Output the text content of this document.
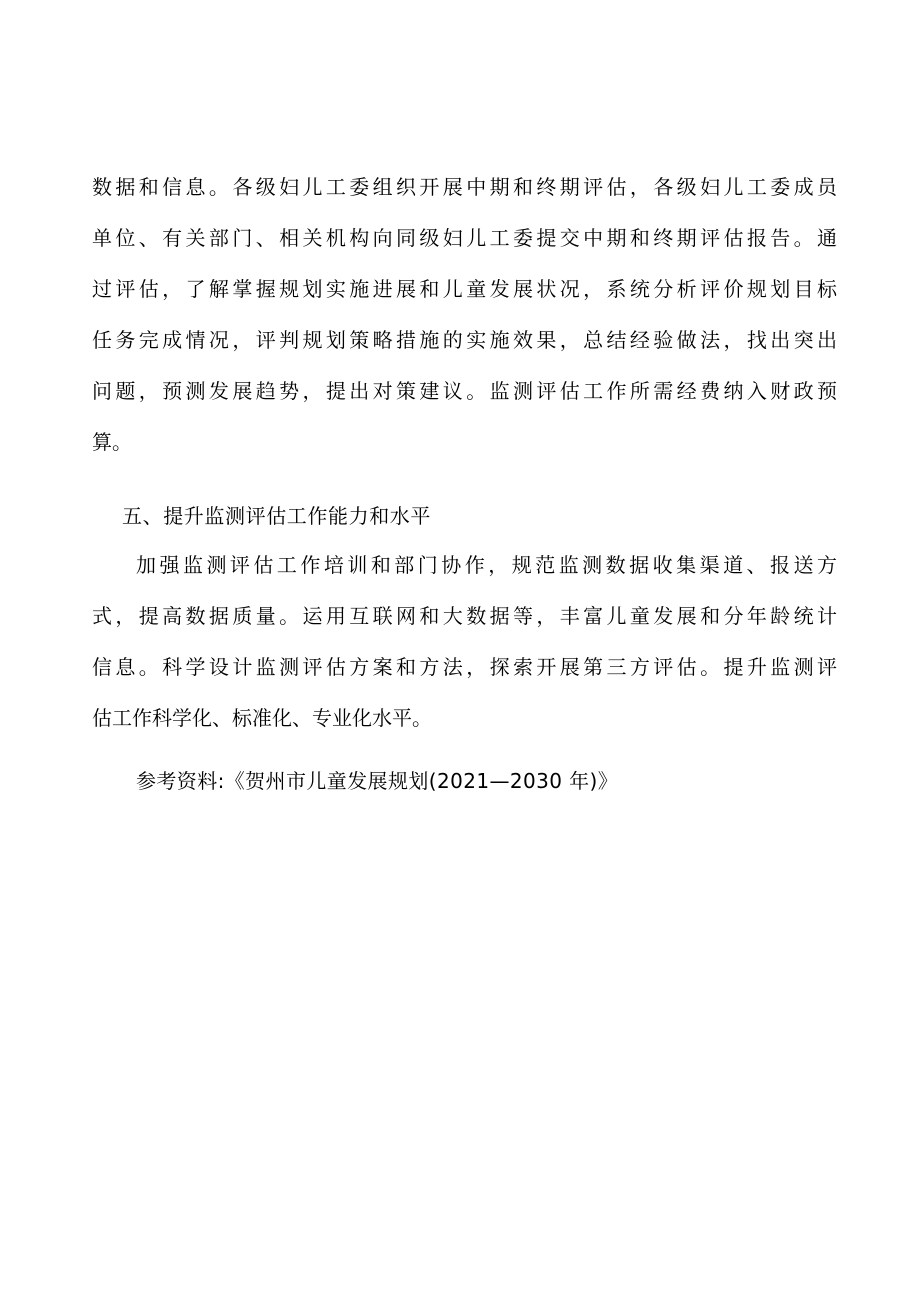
数据和信息。各级妇儿工委组织开展中期和终期评估，各级妇儿工委成员
单位、有关部门、相关机构向同级妇儿工委提交中期和终期评估报告。通
过评估，了解掌握规划实施进展和儿童发展状况，系统分析评价规划目标
任务完成情况，评判规划策略措施的实施效果，总结经验做法，找出突出
问题，预测发展趋势，提出对策建议。监测评估工作所需经费纳入财政预
算。
五、提升监测评估工作能力和水平
加强监测评估工作培训和部门协作，规范监测数据收集渠道、报送方
式，提高数据质量。运用互联网和大数据等，丰富儿童发展和分年龄统计
信息。科学设计监测评估方案和方法，探索开展第三方评估。提升监测评
估工作科学化、标准化、专业化水平。
参考资料:《贺州市儿童发展规划(2021—2030 年)》
